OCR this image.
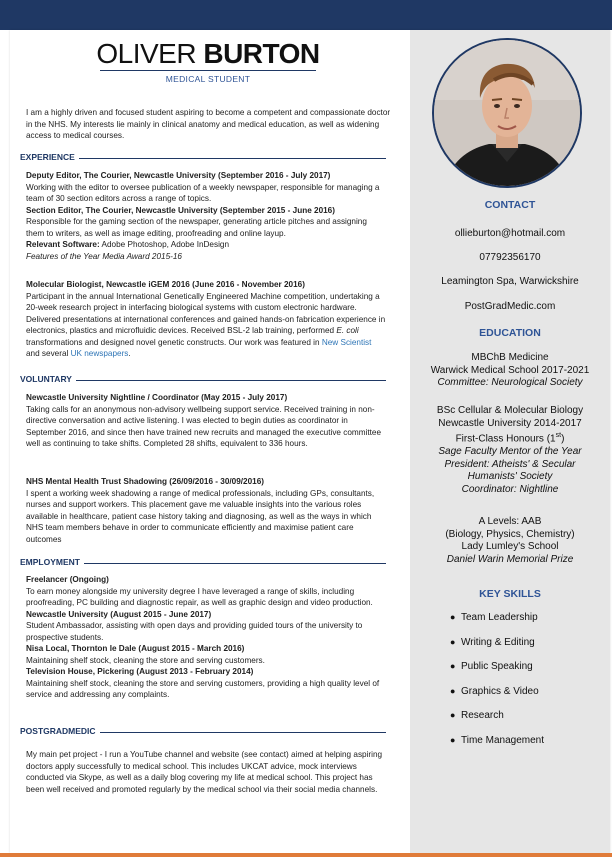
OLIVER BURTON
MEDICAL STUDENT
I am a highly driven and focused student aspiring to become a competent and compassionate doctor in the NHS. My interests lie mainly in clinical anatomy and medical education, as well as widening access to medical courses.
EXPERIENCE
Deputy Editor, The Courier, Newcastle University (September 2016 - July 2017)
Working with the editor to oversee publication of a weekly newspaper, responsible for managing a team of 30 section editors across a range of topics.
Section Editor, The Courier, Newcastle University (September 2015 - June 2016)
Responsible for the gaming section of the newspaper, generating article pitches and assigning them to writers, as well as image editing, proofreading and online layup.
Relevant Software: Adobe Photoshop, Adobe InDesign
Features of the Year Media Award 2015-16
Molecular Biologist, Newcastle iGEM 2016 (June 2016 - November 2016)
Participant in the annual International Genetically Engineered Machine competition, undertaking a 20-week research project in interfacing biological systems with custom electronic hardware. Delivered presentations at international conferences and gained hands-on fabrication experience in electronics, plastics and microfluidic devices. Received BSL-2 lab training, performed E. coli transformations and designed novel genetic constructs. Our work was featured in New Scientist and several UK newspapers.
VOLUNTARY
Newcastle University Nightline / Coordinator (May 2015 - July 2017)
Taking calls for an anonymous non-advisory wellbeing support service. Received training in non-directive conversation and active listening. I was elected to begin duties as coordinator in September 2016, and since then have trained new recruits and managed the executive committee well as continuing to take shifts. Completed 28 shifts, equivalent to 336 hours.
NHS Mental Health Trust Shadowing (26/09/2016 - 30/09/2016)
I spent a working week shadowing a range of medical professionals, including GPs, consultants, nurses and support workers. This placement gave me valuable insights into the various roles available in healthcare, patient case history taking and diagnosing, as well as the ways in which NHS team members behave in order to communicate efficiently and maximise patient care outcomes
EMPLOYMENT
Freelancer (Ongoing)
To earn money alongside my university degree I have leveraged a range of skills, including proofreading, PC building and diagnostic repair, as well as graphic design and video production.
Newcastle University (August 2015 - June 2017)
Student Ambassador, assisting with open days and providing guided tours of the university to prospective students.
Nisa Local, Thornton le Dale (August 2015 - March 2016)
Maintaining shelf stock, cleaning the store and serving customers.
Television House, Pickering (August 2013 - February 2014)
Maintaining shelf stock, cleaning the store and serving customers, providing a high quality level of service and addressing any complaints.
POSTGRADMEDIC
My main pet project - I run a YouTube channel and website (see contact) aimed at helping aspiring doctors apply successfully to medical school. This includes UKCAT advice, mock interviews conducted via Skype, as well as a daily blog covering my life at medical school. This project has been well received and promoted regularly by the medical school via their social media channels.
CONTACT
ollieburton@hotmail.com
07792356170
Leamington Spa, Warwickshire
PostGradMedic.com
EDUCATION
MBChB Medicine
Warwick Medical School 2017-2021
Committee: Neurological Society
BSc Cellular & Molecular Biology
Newcastle University 2014-2017
First-Class Honours (1st)
Sage Faculty Mentor of the Year
President: Atheists' & Secular Humanists' Society
Coordinator: Nightline
A Levels: AAB
(Biology, Physics, Chemistry)
Lady Lumley's School
Daniel Warin Memorial Prize
KEY SKILLS
● Team Leadership
● Writing & Editing
● Public Speaking
● Graphics & Video
● Research
● Time Management
